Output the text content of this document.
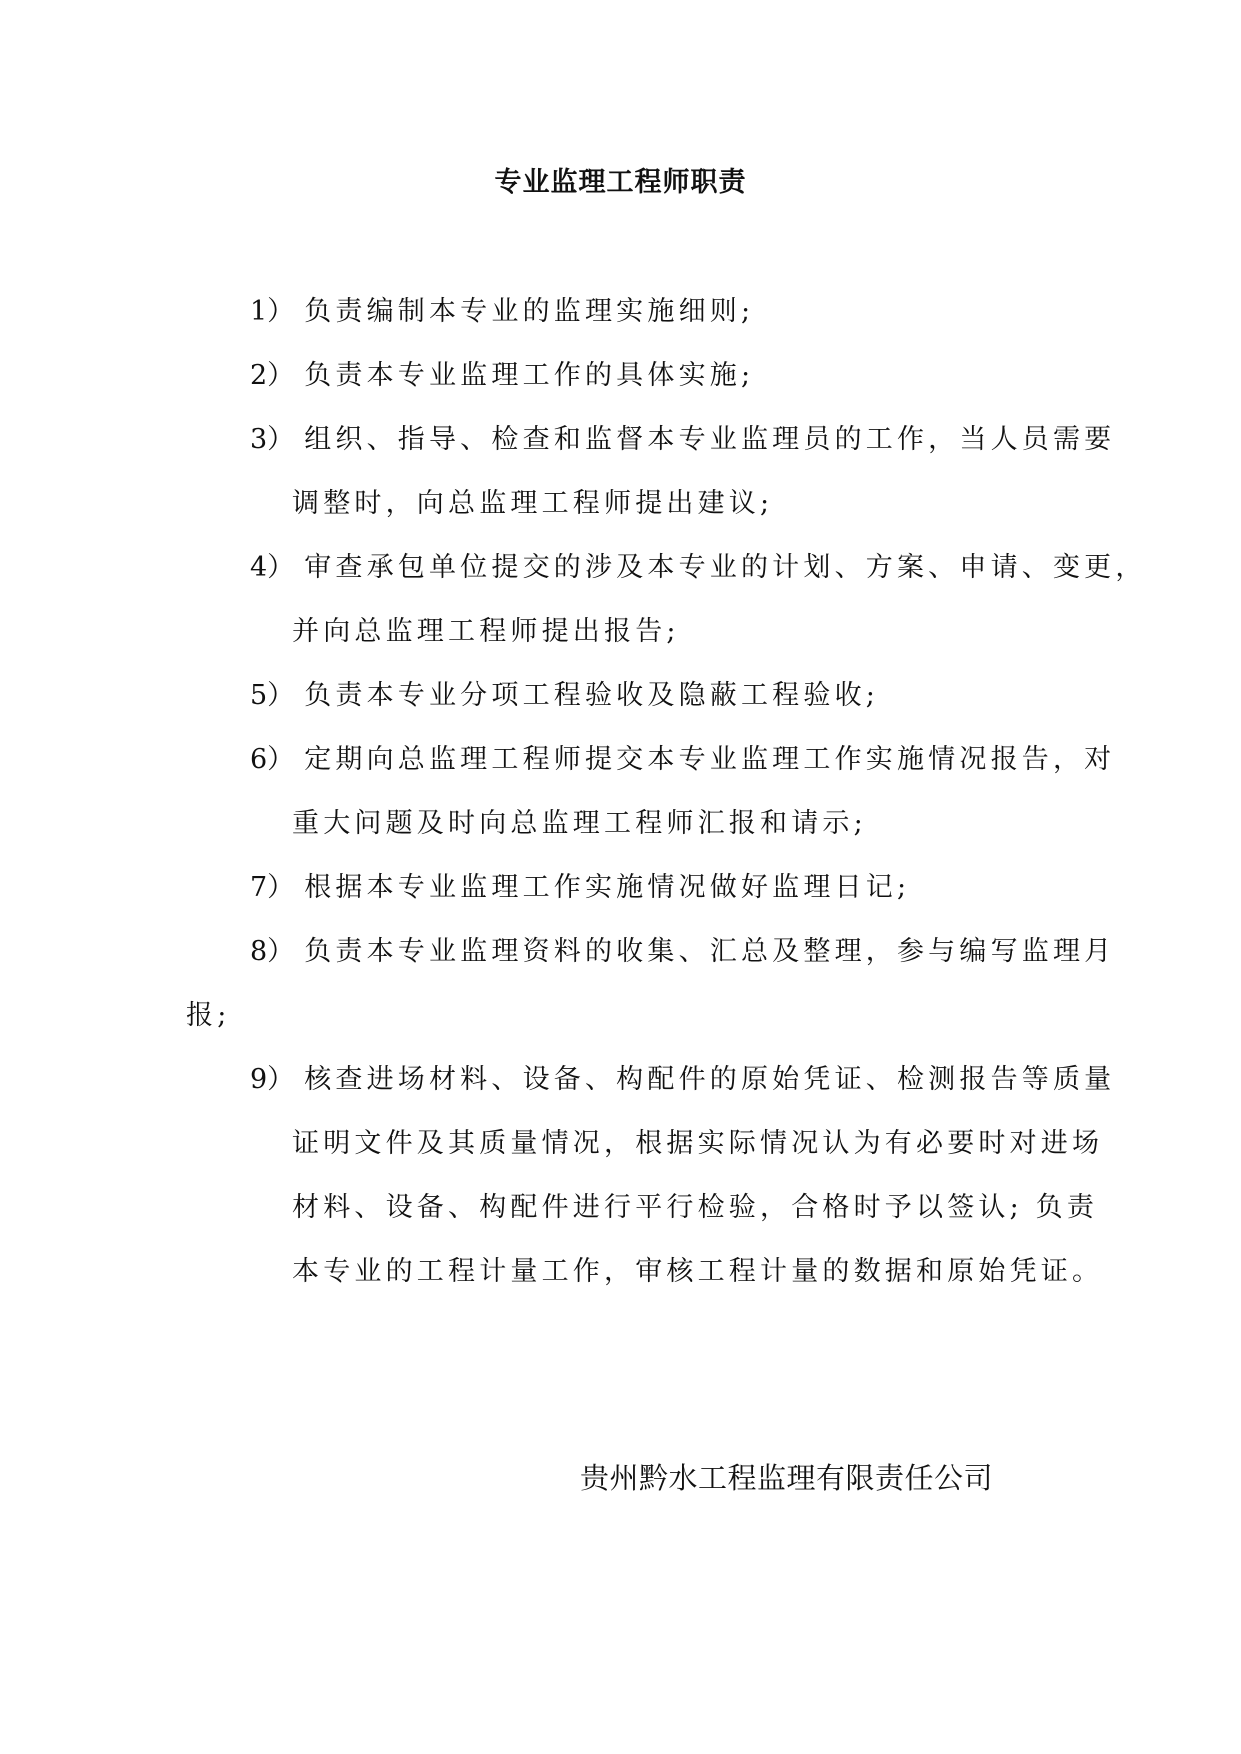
专业监理工程师职责
1） 负责编制本专业的监理实施细则;
2） 负责本专业监理工作的具体实施;
3） 组织、指导、检查和监督本专业监理员的工作，当人员需要
调整时，向总监理工程师提出建议;
4） 审查承包单位提交的涉及本专业的计划、方案、申请、变更，
并向总监理工程师提出报告;
5） 负责本专业分项工程验收及隐蔽工程验收;
6） 定期向总监理工程师提交本专业监理工作实施情况报告，对
重大问题及时向总监理工程师汇报和请示;
7） 根据本专业监理工作实施情况做好监理日记;
8） 负责本专业监理资料的收集、汇总及整理，参与编写监理月
报;
9） 核查进场材料、设备、构配件的原始凭证、检测报告等质量
证明文件及其质量情况，根据实际情况认为有必要时对进场
材料、设备、构配件进行平行检验，合格时予以签认; 负责
本专业的工程计量工作，审核工程计量的数据和原始凭证。
贵州黔水工程监理有限责任公司
